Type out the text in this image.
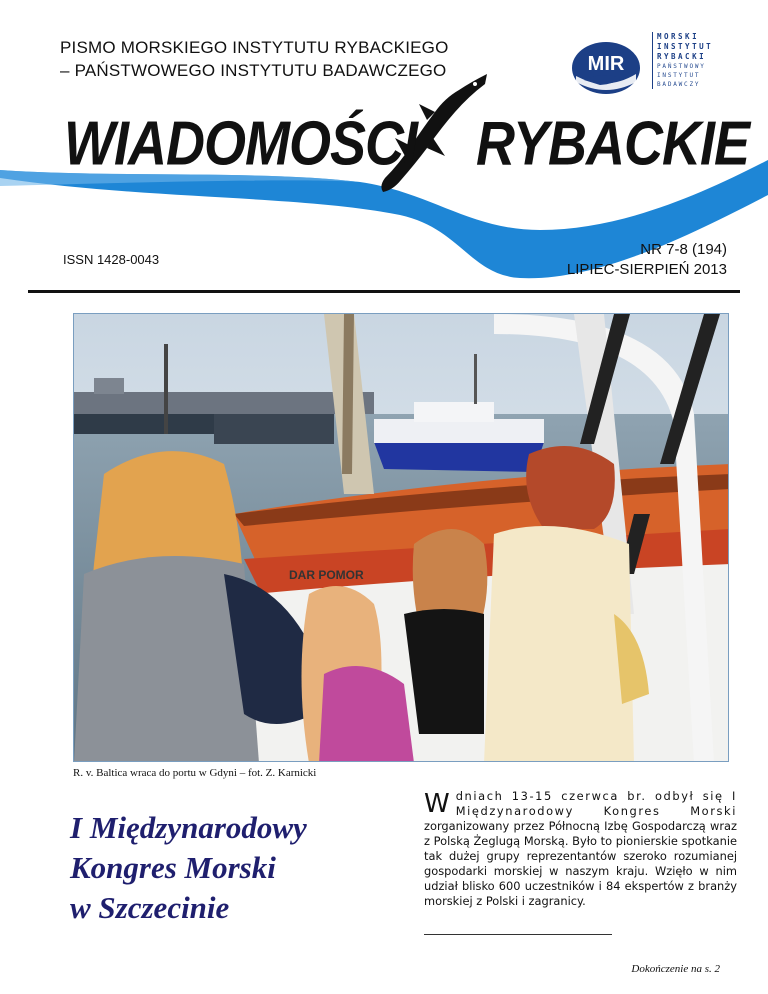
PISMO MORSKIEGO INSTYTUTU RYBACKIEGO
– PAŃSTWOWEGO INSTYTUTU BADAWCZEGO	MIR
MORSKI
INSTYTUT
RYBACKI
PAŃSTWOWY
INSTYTUT
BADAWCZY
WIADOMOŚCI RYBACKIE
ISSN 1428-0043
NR 7-8 (194)
LIPIEC-SIERPIEŃ 2013
DAR POMOR
R. v. Baltica wraca do portu w Gdyni – fot. Z. Karnicki
I Międzynarodowy
Kongres Morski
w Szczecinie
W dniach 13-15 czerwca br. odbył się I Międzynarodowy Kongres Morski zorganizowany przez Północną Izbę Gospodarczą wraz z Polską Żeglugą Morską. Było to pionierskie spotkanie tak dużej grupy reprezentantów szeroko rozumianej gospodarki morskiej w naszym kraju. Wzięło w nim udział blisko 600 uczestników i 84 ekspertów z branży morskiej z Polski i zagranicy.
Dokończenie na s. 2
